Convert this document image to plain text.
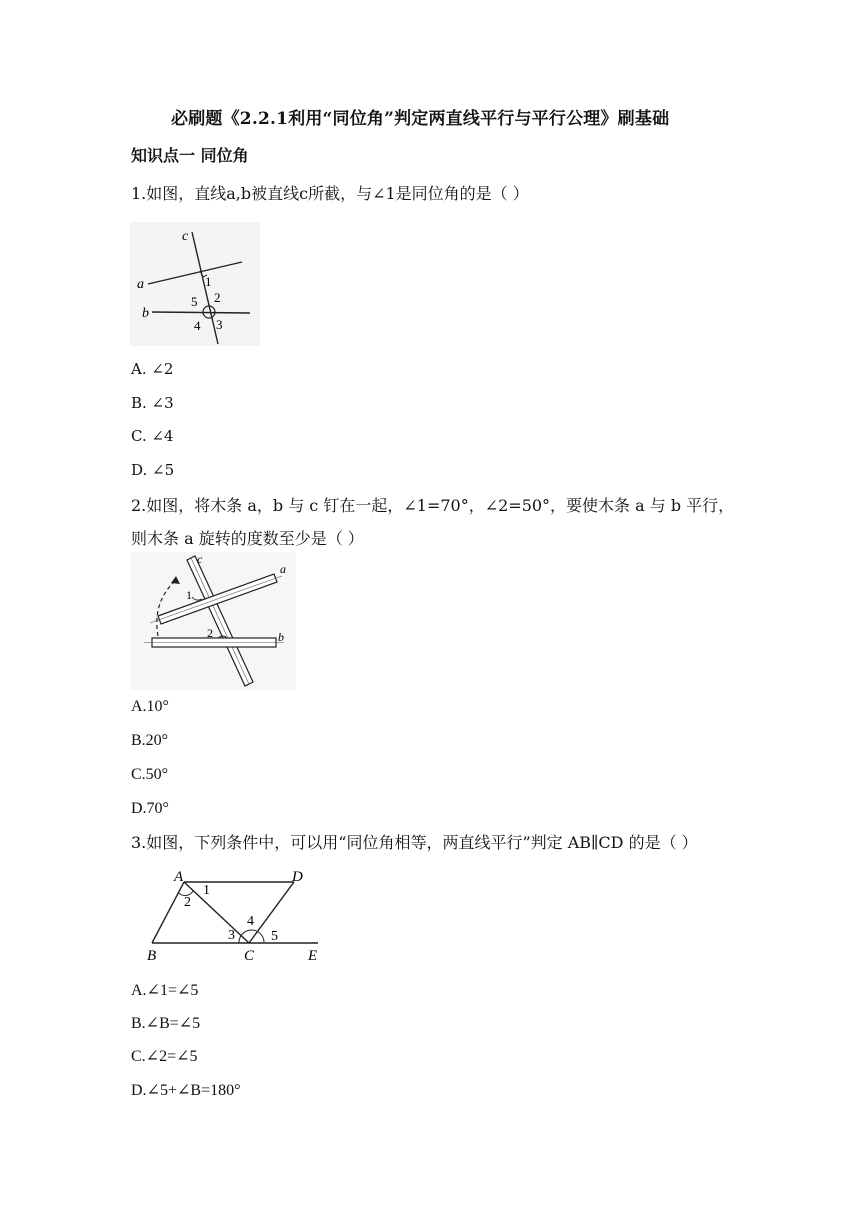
必刷题《2.2.1利用“同位角”判定两直线平行与平行公理》刷基础
知识点一 同位角
1.如图，直线a,b被直线c所截，与∠1是同位角的是（ ）
c
a
b
1
2
3
4
5
A. ∠2
B. ∠3
C. ∠4
D. ∠5
2.如图，将木条 a，b 与 c 钉在一起，∠1=70°，∠2=50°，要使木条 a 与 b 平行，
则木条 a 旋转的度数至少是（ ）
c
a
b
1
2
A.10°
B.20°
C.50°
D.70°
3.如图，下列条件中，可以用“同位角相等，两直线平行”判定 AB∥CD 的是（ ）
A	D
B	C	E
1
2
3
4
5
A.∠1=∠5
B.∠B=∠5
C.∠2=∠5
D.∠5+∠B=180°
